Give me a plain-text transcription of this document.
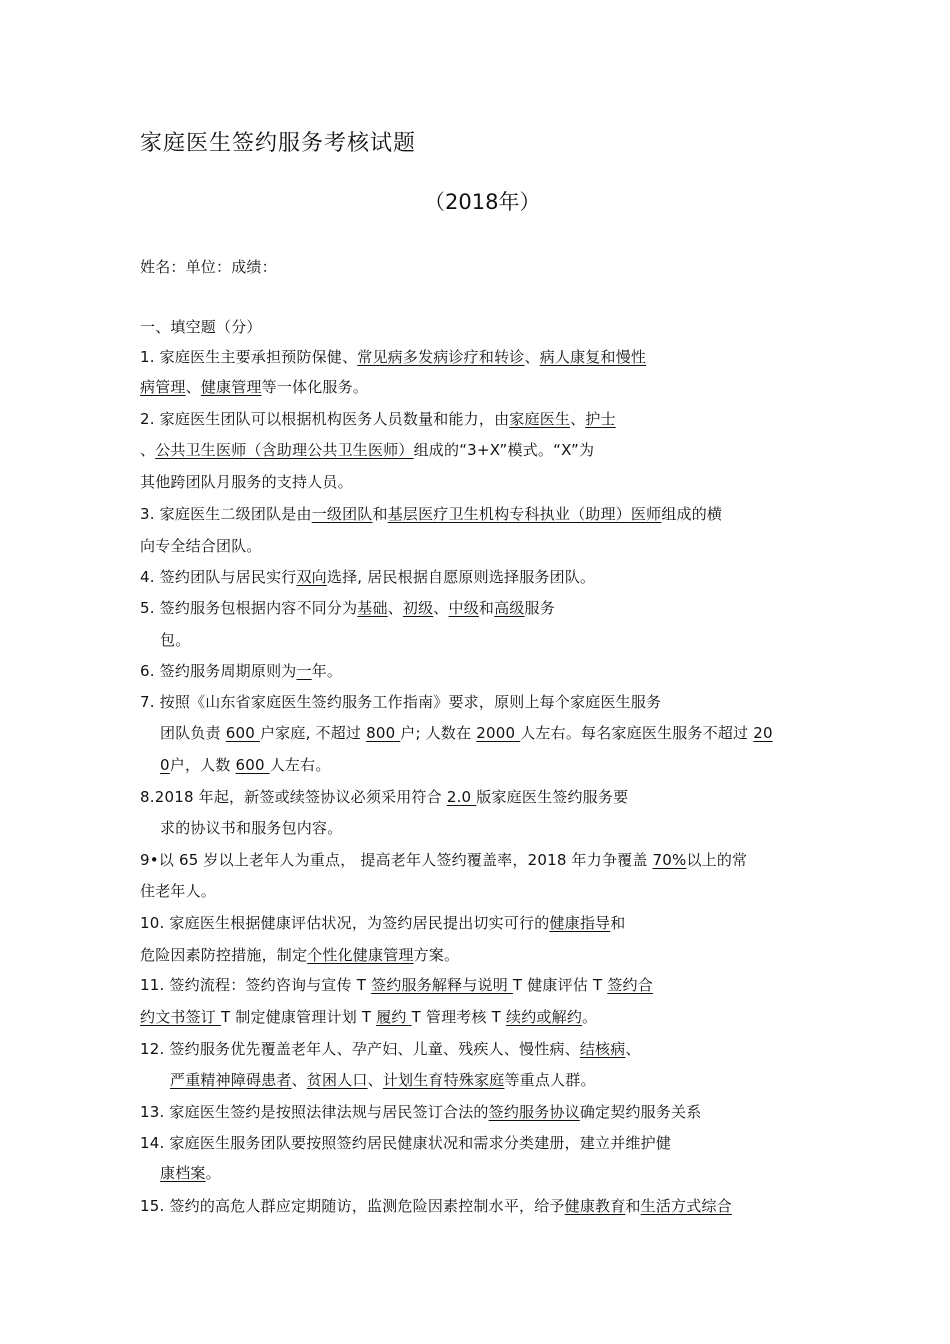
家庭医生签约服务考核试题
（2018年）
姓名：单位：成绩：
一、填空题（分）
1. 家庭医生主要承担预防保健、常见病多发病诊疗和转诊、病人康复和慢性
病管理、健康管理等一体化服务。
2. 家庭医生团队可以根据机构医务人员数量和能力，由家庭医生、护士
、公共卫生医师（含助理公共卫生医师）组成的“3+X”模式。“X”为
其他跨团队月服务的支持人员。
3. 家庭医生二级团队是由一级团队和基层医疗卫生机构专科执业（助理）医师组成的横
向专全结合团队。
4. 签约团队与居民实行双向选择, 居民根据自愿原则选择服务团队。
5. 签约服务包根据内容不同分为基础、初级、中级和高级服务
包。
6. 签约服务周期原则为一年。
7. 按照《山东省家庭医生签约服务工作指南》要求，原则上每个家庭医生服务
团队负责 600 户家庭, 不超过 800 户; 人数在 2000 人左右。每名家庭医生服务不超过 20
0户，人数 600 人左右。
8.2018 年起，新签或续签协议必须采用符合 2.0 版家庭医生签约服务要
求的协议书和服务包内容。
9•以 65 岁以上老年人为重点， 提高老年人签约覆盖率，2018 年力争覆盖 70%以上的常
住老年人。
10. 家庭医生根据健康评估状况，为签约居民提出切实可行的健康指导和
危险因素防控措施，制定个性化健康管理方案。
11. 签约流程：签约咨询与宣传 T 签约服务解释与说明 T 健康评估 T 签约合
约文书签订 T 制定健康管理计划 T 履约 T 管理考核 T 续约或解约。
12. 签约服务优先覆盖老年人、孕产妇、儿童、残疾人、慢性病、结核病、
严重精神障碍患者、贫困人口、计划生育特殊家庭等重点人群。
13. 家庭医生签约是按照法律法规与居民签订合法的签约服务协议确定契约服务关系
14. 家庭医生服务团队要按照签约居民健康状况和需求分类建册，建立并维护健
康档案。
15. 签约的高危人群应定期随访，监测危险因素控制水平，给予健康教育和生活方式综合
